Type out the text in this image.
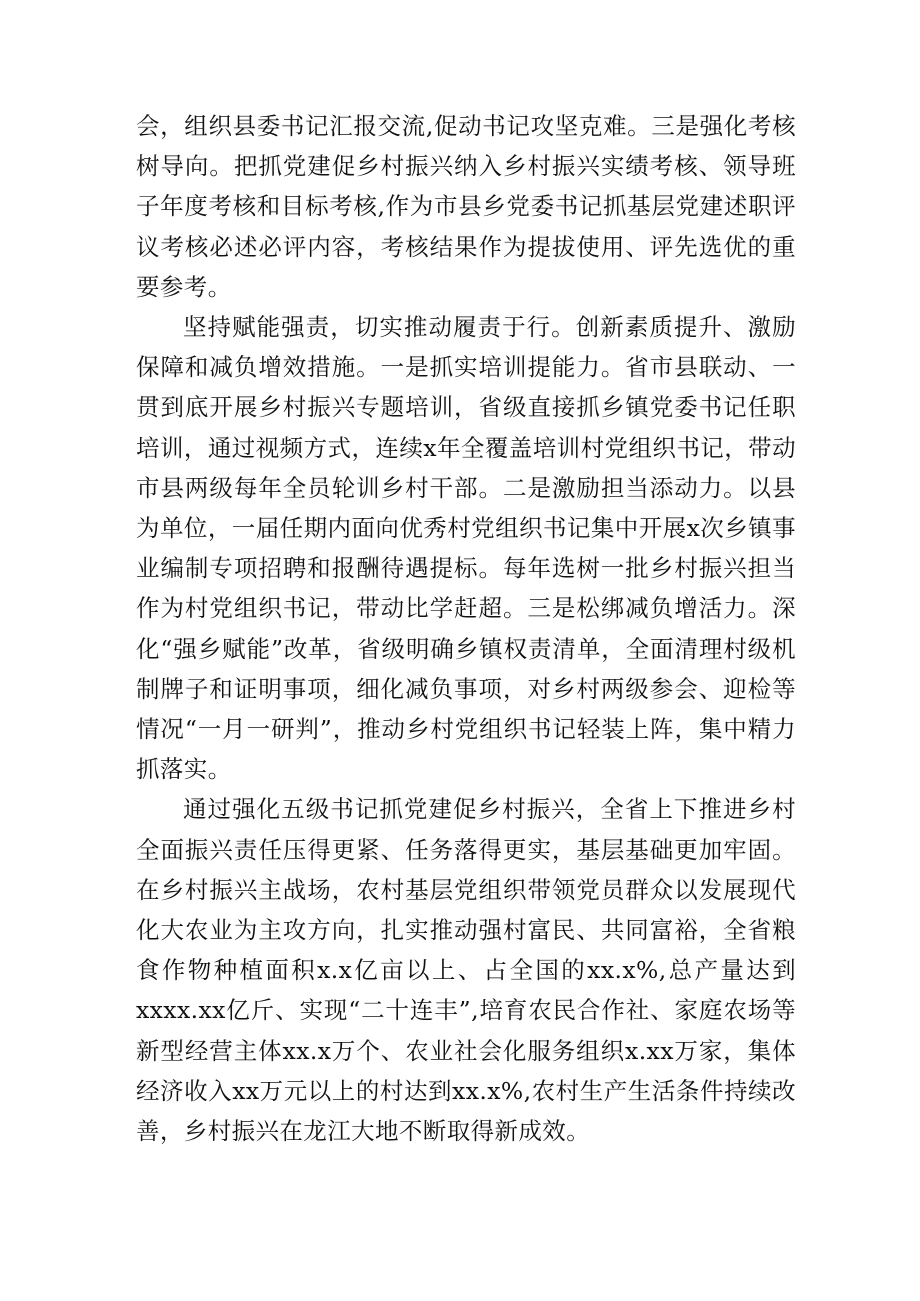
会，组织县委书记汇报交流,促动书记攻坚克难。三是强化考核树导向。把抓党建促乡村振兴纳入乡村振兴实绩考核、领导班子年度考核和目标考核,作为市县乡党委书记抓基层党建述职评议考核必述必评内容，考核结果作为提拔使用、评先选优的重要参考。

坚持赋能强责，切实推动履责于行。创新素质提升、激励保障和减负增效措施。一是抓实培训提能力。省市县联动、一贯到底开展乡村振兴专题培训，省级直接抓乡镇党委书记任职培训，通过视频方式，连续x年全覆盖培训村党组织书记，带动市县两级每年全员轮训乡村干部。二是激励担当添动力。以县为单位，一届任期内面向优秀村党组织书记集中开展x次乡镇事业编制专项招聘和报酬待遇提标。每年选树一批乡村振兴担当作为村党组织书记，带动比学赶超。三是松绑减负增活力。深化“强乡赋能”改革，省级明确乡镇权责清单，全面清理村级机制牌子和证明事项，细化减负事项，对乡村两级参会、迎检等情况“一月一研判”，推动乡村党组织书记轻装上阵，集中精力抓落实。

通过强化五级书记抓党建促乡村振兴，全省上下推进乡村全面振兴责任压得更紧、任务落得更实，基层基础更加牢固。在乡村振兴主战场，农村基层党组织带领党员群众以发展现代化大农业为主攻方向，扎实推动强村富民、共同富裕，全省粮食作物种植面积x.x亿亩以上、占全国的xx.x%,总产量达到xxxx.xx亿斤、实现“二十连丰”,培育农民合作社、家庭农场等新型经营主体xx.x万个、农业社会化服务组织x.xx万家，集体经济收入xx万元以上的村达到xx.x%,农村生产生活条件持续改善，乡村振兴在龙江大地不断取得新成效。
